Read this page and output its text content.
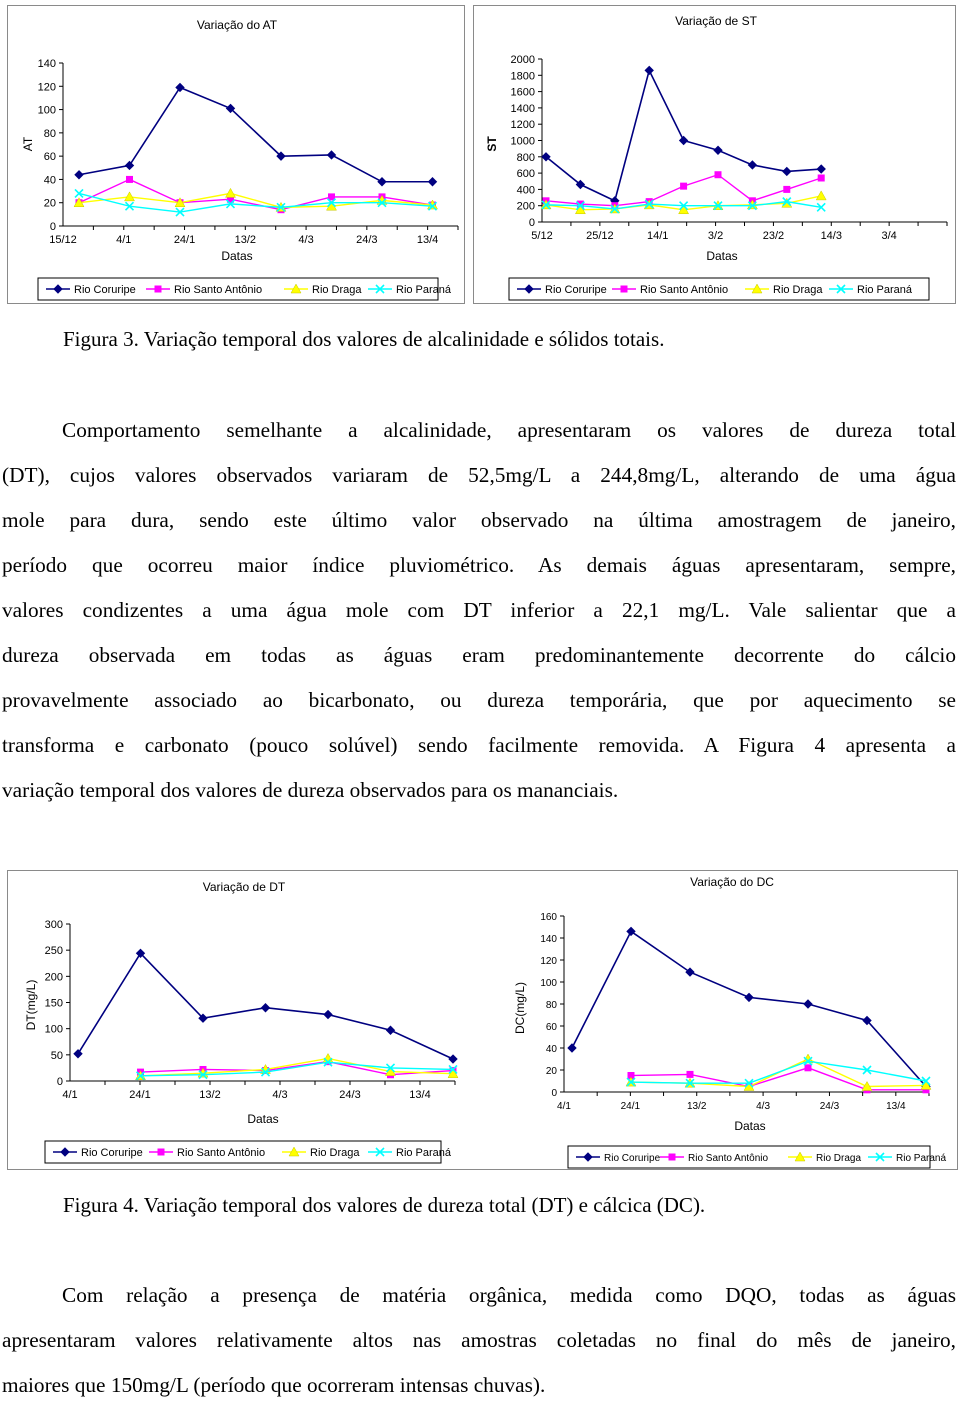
Variação do AT
AT
0
20
40
60
80
100
120
140
15/12	4/1	24/1	13/2	4/3	24/3	13/4
Datas
Rio Coruripe	Rio Santo Antônio	Rio Draga	Rio Paraná
Variação de ST
ST
0
200
400
600
800
1000
1200
1400
1600
1800
2000
5/12	25/12	14/1	3/2	23/2	14/3	3/4
Datas
Rio Coruripe	Rio Santo Antônio	Rio Draga	Rio Paraná
Figura 3. Variação temporal dos valores de alcalinidade e sólidos totais.
Comportamento semelhante a alcalinidade, apresentaram os valores de dureza total
(DT), cujos valores observados variaram de 52,5mg/L a 244,8mg/L, alterando de uma água
mole para dura, sendo este último valor observado na última amostragem de janeiro,
período que ocorreu maior índice pluviométrico. As demais águas apresentaram, sempre,
valores condizentes a uma água mole com DT inferior a 22,1 mg/L. Vale salientar que a
dureza observada em todas as águas eram predominantemente decorrente do cálcio
provavelmente associado ao bicarbonato, ou dureza temporária, que por aquecimento se
transforma e carbonato (pouco solúvel) sendo facilmente removida. A Figura 4 apresenta a
variação temporal dos valores de dureza observados para os mananciais.
Variação de DT
DT(mg/L)
0
50
100
150
200
250
300
4/1	24/1	13/2	4/3	24/3	13/4
Datas
Rio Coruripe	Rio Santo Antônio	Rio Draga	Rio Paraná
Variação do DC
DC(mg/L)
0
20
40
60
80
100
120
140
160
4/1	24/1	13/2	4/3	24/3	13/4
Datas
Rio Coruripe	Rio Santo Antônio	Rio Draga	Rio Paraná
Figura 4. Variação temporal dos valores de dureza total (DT) e cálcica (DC).
Com relação a presença de matéria orgânica, medida como DQO, todas as águas
apresentaram valores relativamente altos nas amostras coletadas no final do mês de janeiro,
maiores que 150mg/L (período que ocorreram intensas chuvas).
